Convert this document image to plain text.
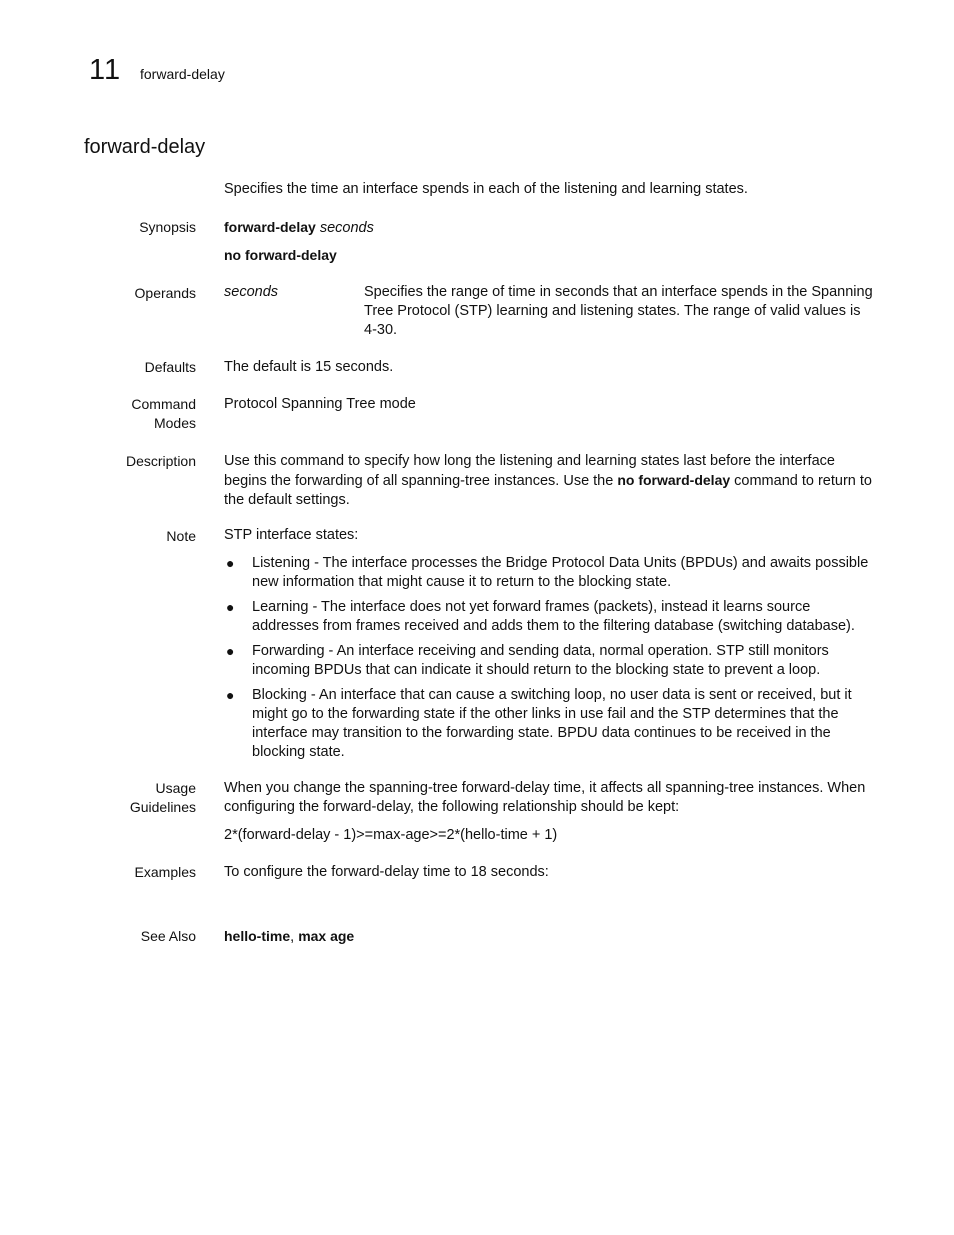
11 forward-delay
forward-delay
Specifies the time an interface spends in each of the listening and learning states.
Synopsis forward-delay seconds
no forward-delay
Operands seconds	Specifies the range of time in seconds that an interface spends in the Spanning Tree Protocol (STP) learning and listening states. The range of valid values is 4-30.
Defaults The default is 15 seconds.
Command
Modes
Protocol Spanning Tree mode
Description Use this command to specify how long the listening and learning states last before the interface begins the forwarding of all spanning-tree instances. Use the no forward-delay command to return to the default settings.
Note STP interface states:
● Listening - The interface processes the Bridge Protocol Data Units (BPDUs) and awaits possible new information that might cause it to return to the blocking state.
● Learning - The interface does not yet forward frames (packets), instead it learns source addresses from frames received and adds them to the filtering database (switching database).
● Forwarding - An interface receiving and sending data, normal operation. STP still monitors incoming BPDUs that can indicate it should return to the blocking state to prevent a loop.
● Blocking - An interface that can cause a switching loop, no user data is sent or received, but it might go to the forwarding state if the other links in use fail and the STP determines that the interface may transition to the forwarding state. BPDU data continues to be received in the blocking state.
Usage
Guidelines
When you change the spanning-tree forward-delay time, it affects all spanning-tree instances. When configuring the forward-delay, the following relationship should be kept:
2*(forward-delay - 1)>=max-age>=2*(hello-time + 1)
Examples To configure the forward-delay time to 18 seconds:
See Also hello-time, max age
